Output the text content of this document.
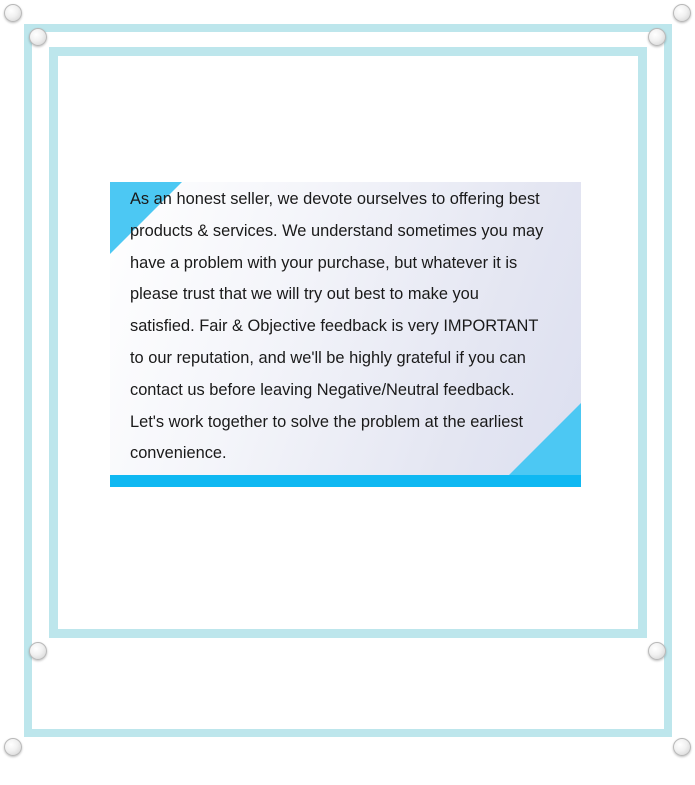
As an honest seller, we devote ourselves to offering best
products & services. We understand sometimes you may
have a problem with your purchase, but whatever it is
please trust that we will try out best to make you
satisfied. Fair & Objective feedback is very IMPORTANT
to our reputation, and we'll be highly grateful if you can
contact us before leaving Negative/Neutral feedback.
Let's work together to solve the problem at the earliest
convenience.
